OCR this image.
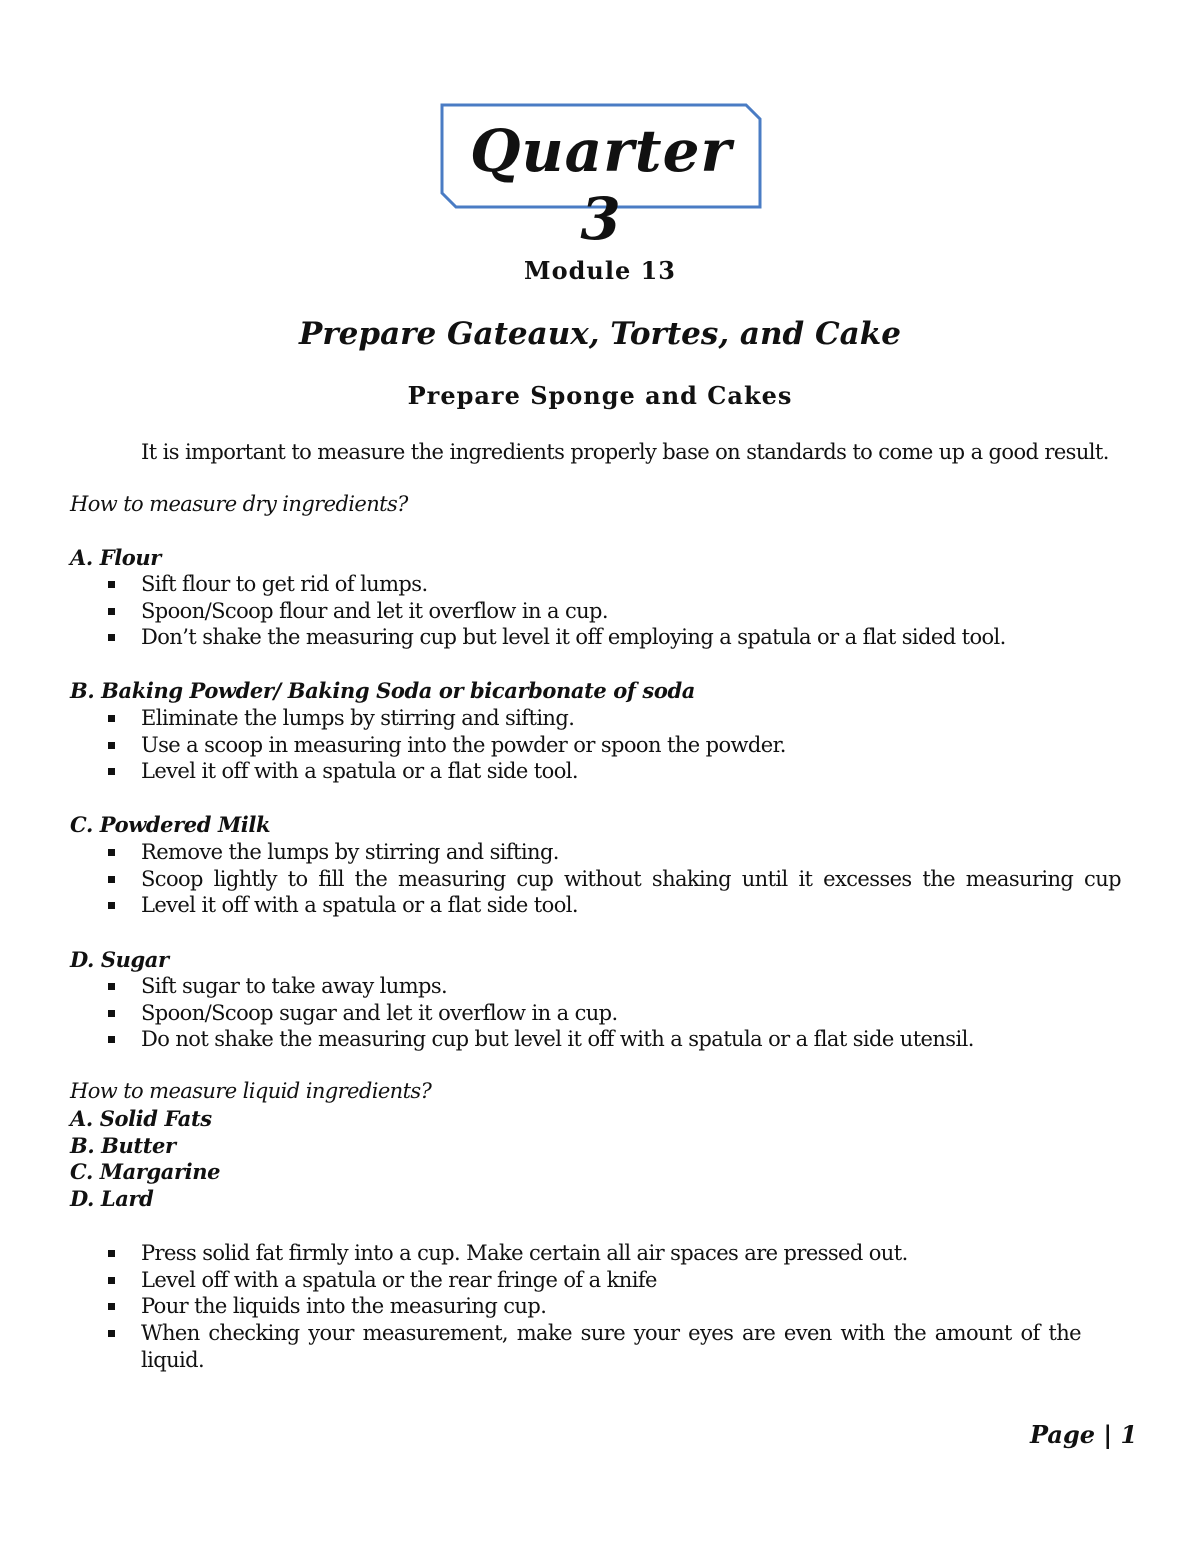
Quarter 3
Module 13
Prepare Gateaux, Tortes, and Cake
Prepare Sponge and Cakes
It is important to measure the ingredients properly base on standards to come up a good result.
How to measure dry ingredients?
A. Flour
Sift flour to get rid of lumps.
Spoon/Scoop flour and let it overflow in a cup.
Don’t shake the measuring cup but level it off employing a spatula or a flat sided tool.
B. Baking Powder/ Baking Soda or bicarbonate of soda
Eliminate the lumps by stirring and sifting.
Use a scoop in measuring into the powder or spoon the powder.
Level it off with a spatula or a flat side tool.
C. Powdered Milk
Remove the lumps by stirring and sifting.
Scoop lightly to fill the measuring cup without shaking until it excesses the measuring cup
Level it off with a spatula or a flat side tool.
D. Sugar
Sift sugar to take away lumps.
Spoon/Scoop sugar and let it overflow in a cup.
Do not shake the measuring cup but level it off with a spatula or a flat side utensil.
How to measure liquid ingredients?
A. Solid Fats
B. Butter
C. Margarine
D. Lard
Press solid fat firmly into a cup. Make certain all air spaces are pressed out.
Level off with a spatula or the rear fringe of a knife
Pour the liquids into the measuring cup.
When checking your measurement, make sure your eyes are even with the amount of the liquid.
Page | 1
